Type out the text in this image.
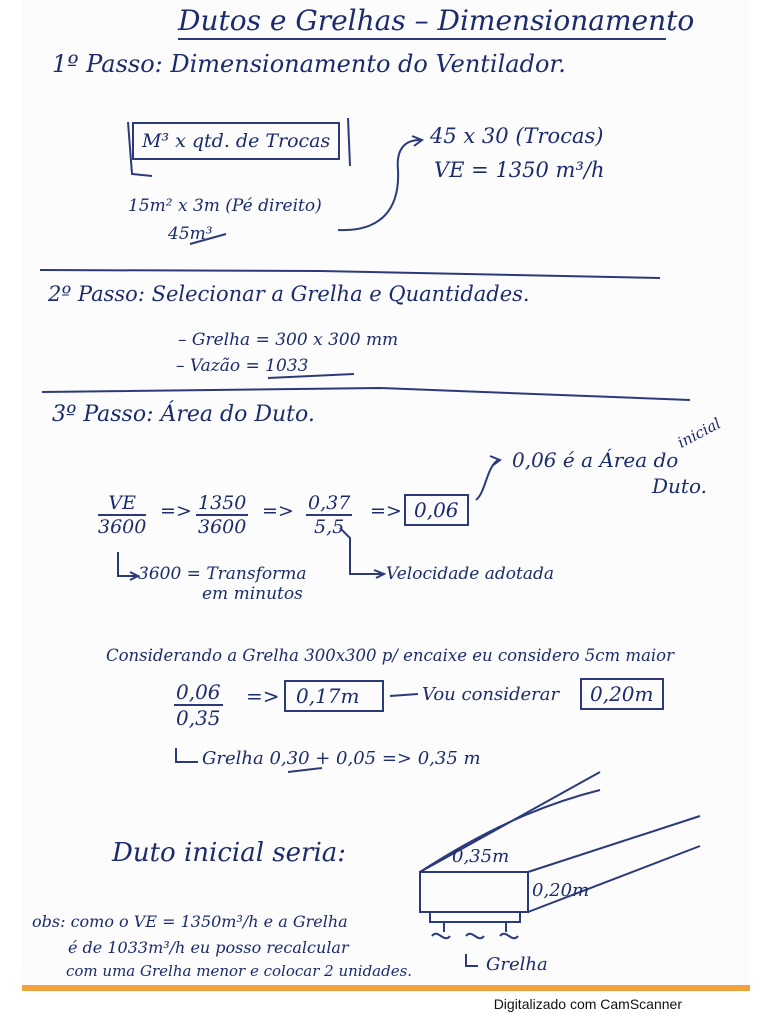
Dutos e Grelhas – Dimensionamento
1º Passo: Dimensionamento do Ventilador.
M³ x qtd. de Trocas
15m² x 3m (Pé direito)
45m³
45 x 30 (Trocas)
VE = 1350 m³/h
2º Passo: Selecionar a Grelha e Quantidades.
– Grelha = 300 x 300 mm
– Vazão = 1033
3º Passo: Área do Duto.	inicial
0,06 é a Área do
Duto.
$\frac{VE}{3600} => \frac{1350}{3600} => \frac{0,37}{5,5} => 0,06$
3600 = Transforma
em minutos
Velocidade adotada
Considerando a Grelha 300x300 p/ encaixe eu considero 5cm maior
$\frac{0,06}{0,35} => 0,17m$	Vou considerar	0,20m
Grelha 0,30 + 0,05 => 0,35 m
Duto inicial seria:	0,35m
0,20m
Grelha
obs: como o VE = 1350m³/h e a Grelha
é de 1033m³/h eu posso recalcular
com uma Grelha menor e colocar 2 unidades.
Digitalizado com CamScanner
